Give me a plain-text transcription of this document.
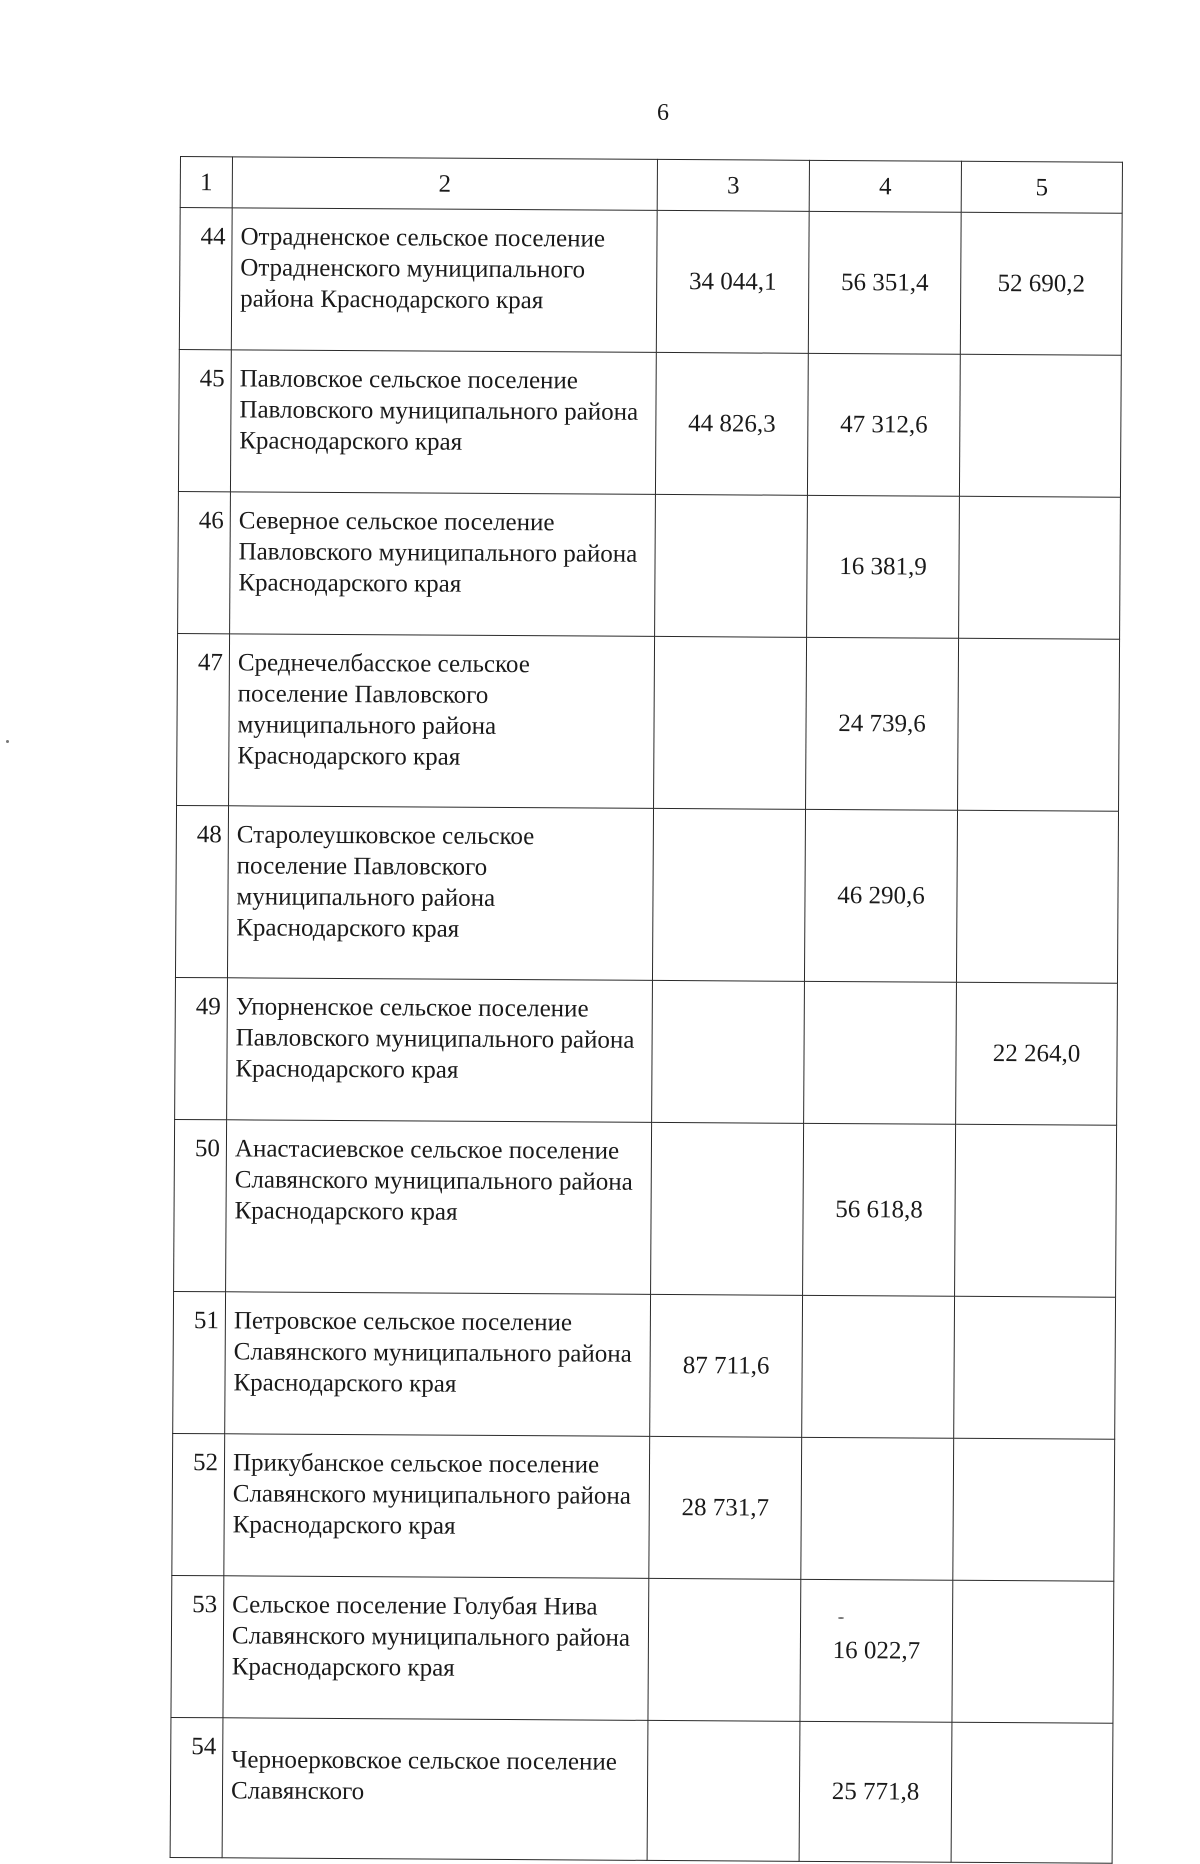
6
1	2	3	4	5
44	Отрадненское сельское поселение Отрадненского муниципального района Краснодарского края	34 044,1	56 351,4	52 690,2
45	Павловское сельское поселение Павловского муниципального района Краснодарского края	44 826,3	47 312,6	
46	Северное сельское поселение Павловского муниципального района Краснодарского края		16 381,9	
47	Среднечелбасское сельское поселение Павловского муниципального района Краснодарского края		24 739,6	
48	Старолеушковское сельское поселение Павловского муниципального района Краснодарского края		46 290,6	
49	Упорненское сельское поселение Павловского муниципального района Краснодарского края			22 264,0
50	Анастасиевское сельское поселение Славянского муниципального района Краснодарского края		56 618,8	
51	Петровское сельское поселение Славянского муниципального района Краснодарского края	87 711,6		
52	Прикубанское сельское поселение Славянского муниципального района Краснодарского края	28 731,7		
53	Сельское поселение Голубая Нива Славянского муниципального района Краснодарского края		16 022,7	
54	Черноерковское сельское поселение Славянского		25 771,8	
